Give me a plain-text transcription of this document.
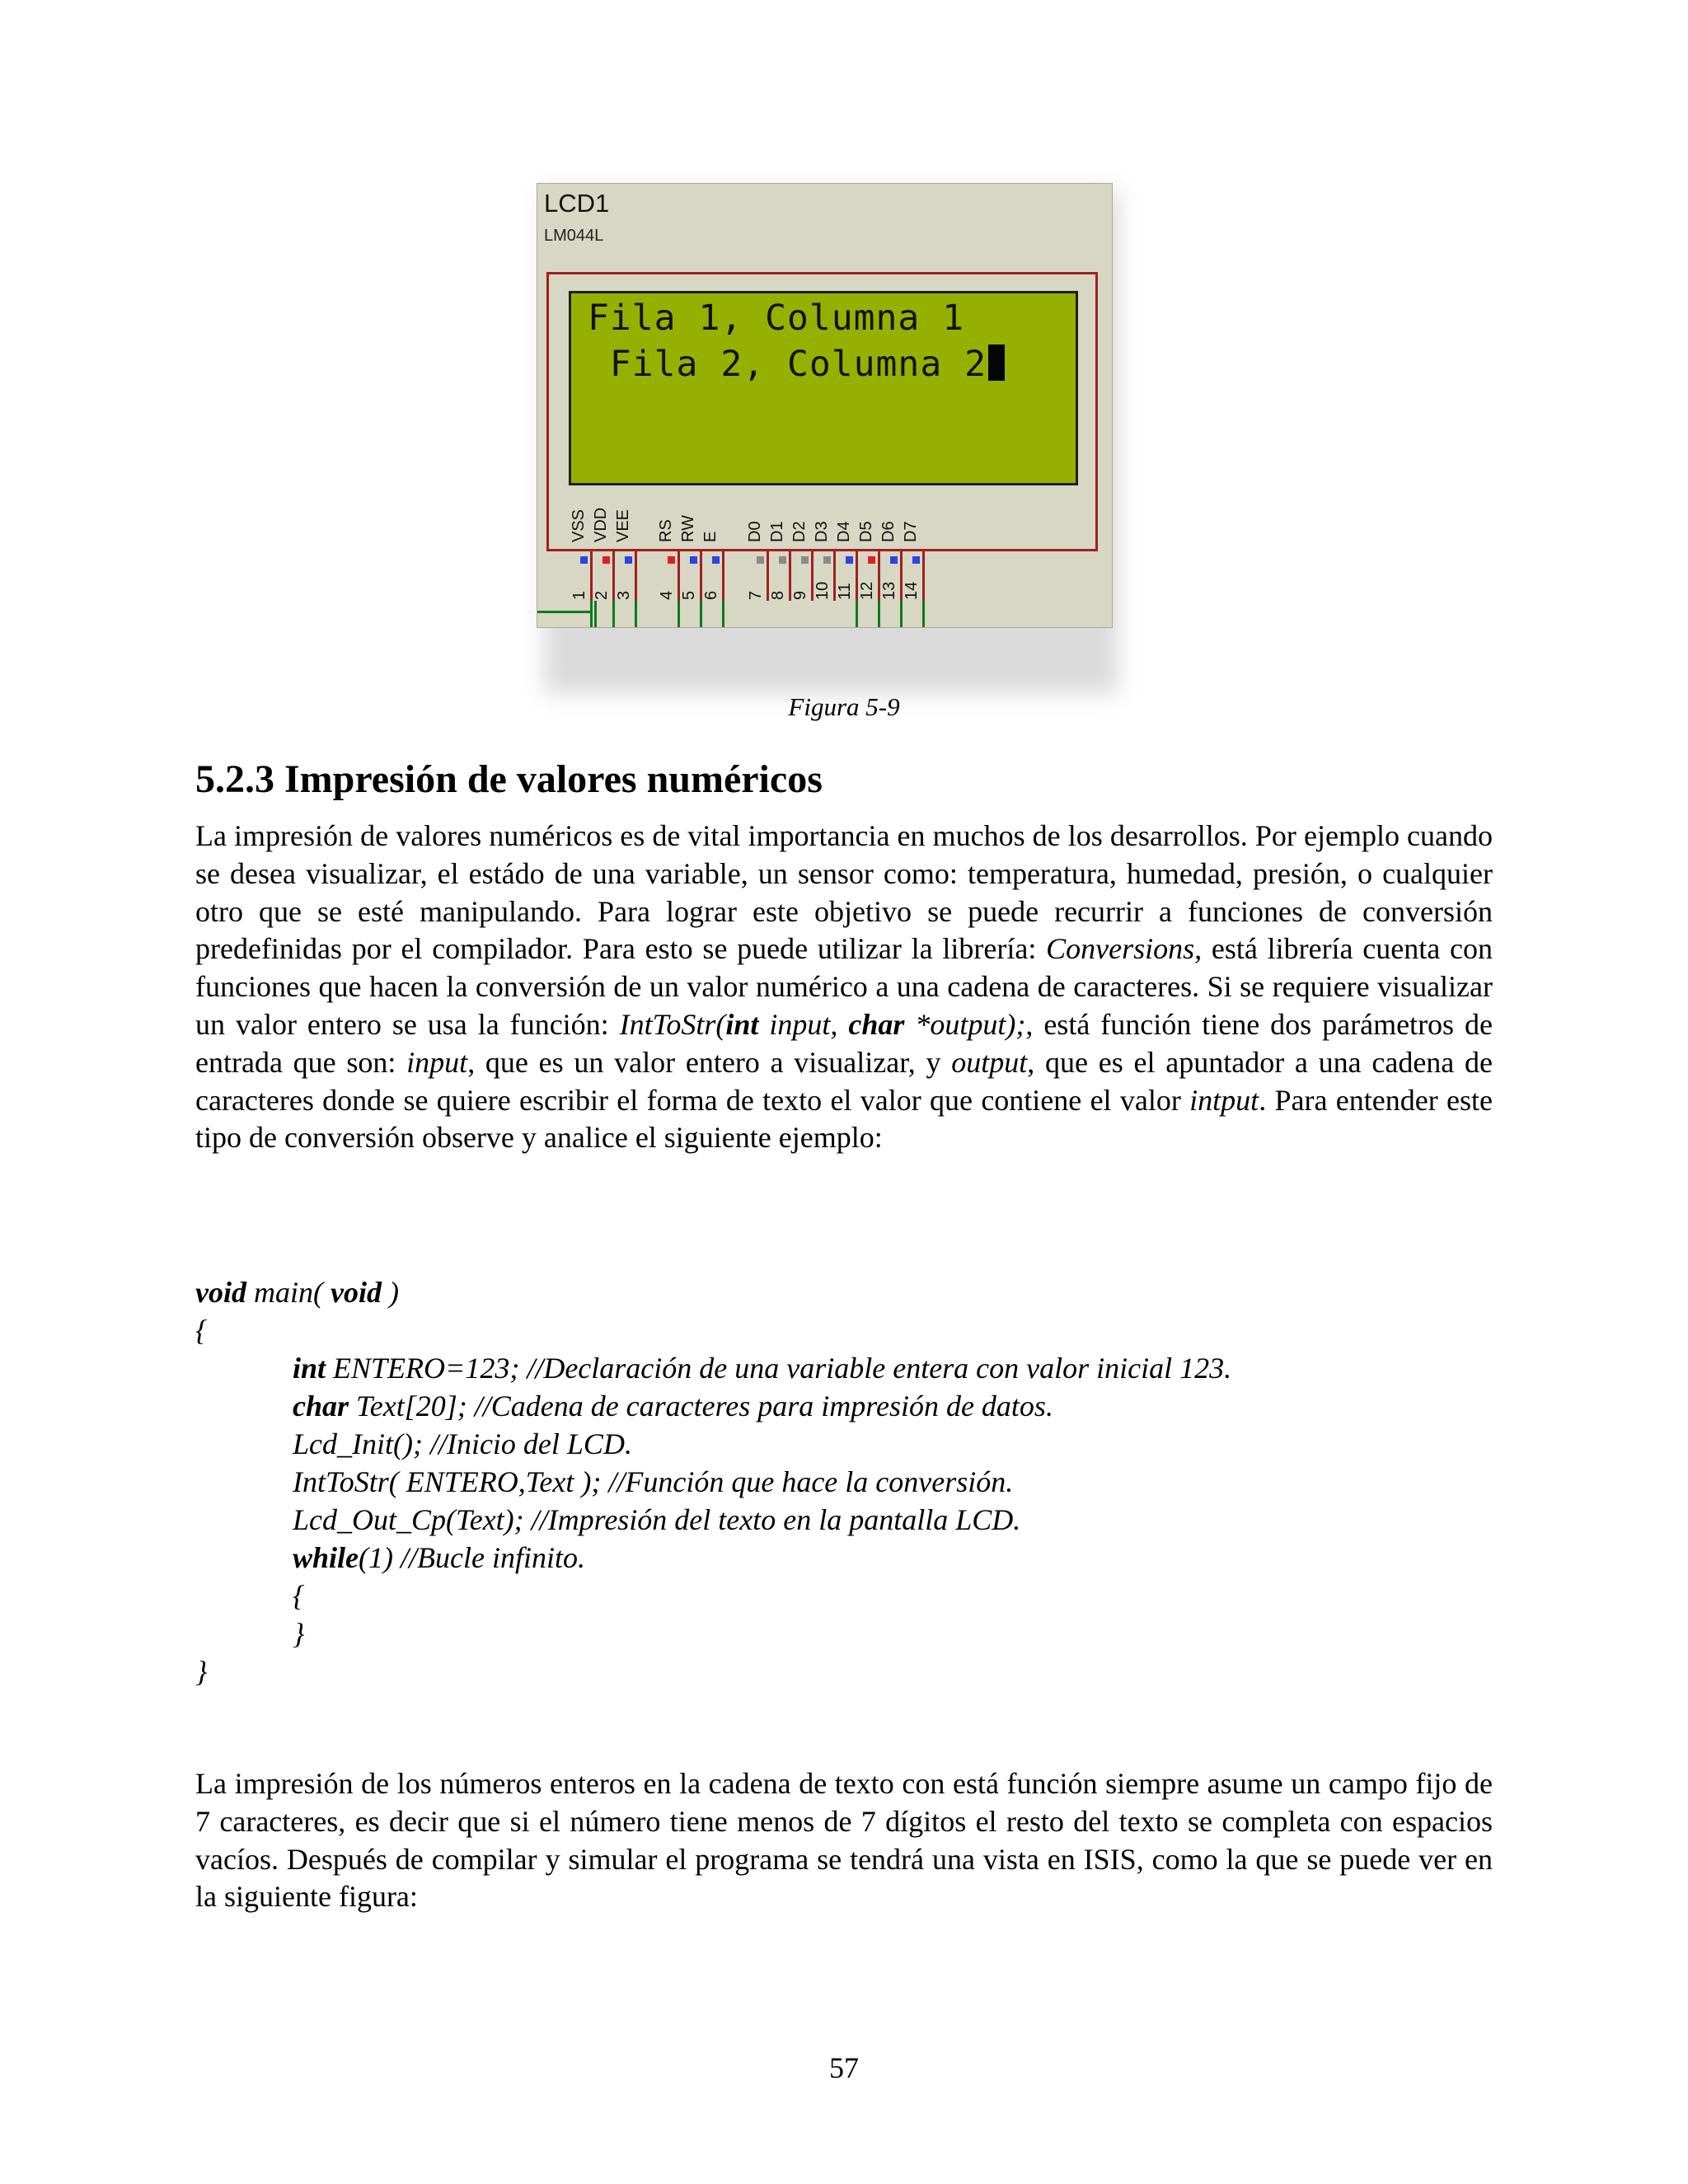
LCD1
LM044L
Fila 1, Columna 1
Fila 2, Columna 2
VSS VDD VEE RS RW E D0 D1 D2 D3 D4 D5 D6 D7
1 2 3 4 5 6 7 8 9 10 11 12 13 14
Figura 5-9
5.2.3 Impresión de valores numéricos

La impresión de valores numéricos es de vital importancia en muchos de los desarrollos. Por ejemplo cuando se desea visualizar, el estádo de una variable, un sensor como: temperatura, humedad, presión, o cualquier otro que se esté manipulando. Para lograr este objetivo se puede recurrir a funciones de conversión predefinidas por el compilador. Para esto se puede utilizar la librería: Conversions, está librería cuenta con funciones que hacen la conversión de un valor numérico a una cadena de caracteres. Si se requiere visualizar un valor entero se usa la función: IntToStr(int input, char *output);, está función tiene dos parámetros de entrada que son: input, que es un valor entero a visualizar, y output, que es el apuntador a una cadena de caracteres donde se quiere escribir el forma de texto el valor que contiene el valor intput. Para entender este tipo de conversión observe y analice el siguiente ejemplo:

void main( void )
{
int ENTERO=123; //Declaración de una variable entera con valor inicial 123.
char Text[20]; //Cadena de caracteres para impresión de datos.
Lcd_Init(); //Inicio del LCD.
IntToStr( ENTERO,Text ); //Función que hace la conversión.
Lcd_Out_Cp(Text); //Impresión del texto en la pantalla LCD.
while(1) //Bucle infinito.
{
}
}

La impresión de los números enteros en la cadena de texto con está función siempre asume un campo fijo de 7 caracteres, es decir que si el número tiene menos de 7 dígitos el resto del texto se completa con espacios vacíos. Después de compilar y simular el programa se tendrá una vista en ISIS, como la que se puede ver en la siguiente figura:

57
